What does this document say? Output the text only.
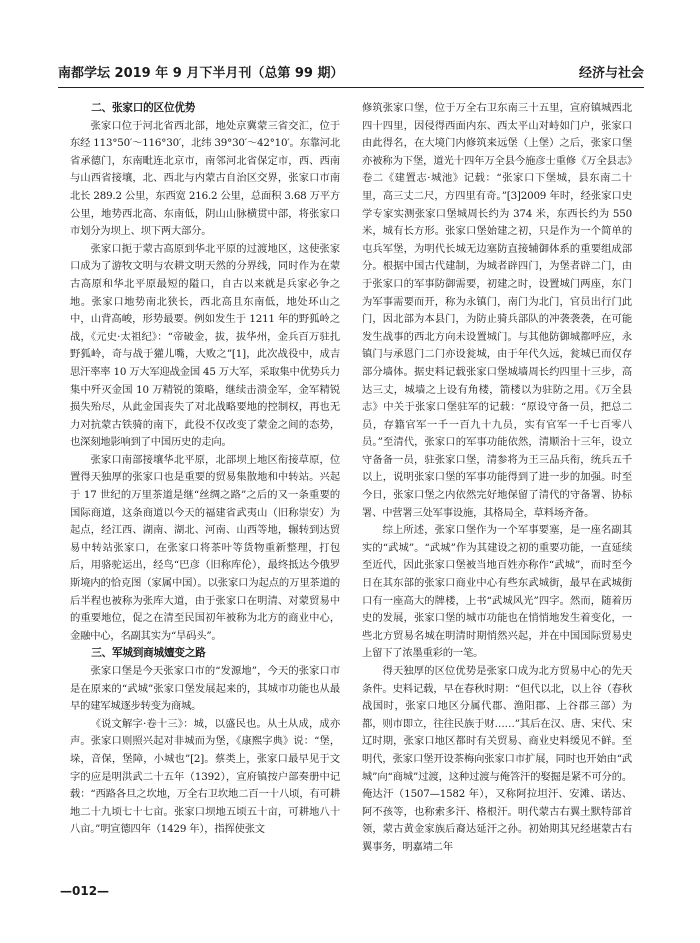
南都学坛 2019 年 9 月下半月刊（总第 99 期）	经济与社会
二、张家口的区位优势

张家口位于河北省西北部，地处京冀蒙三省交汇，位于东经 113°50′～116°30′，北纬 39°30′～42°10′。东靠河北省承德门，东南毗连北京市，南邻河北省保定市，西、西南与山西省接壤，北、西北与内蒙古自治区交界，张家口市南北长 289.2 公里，东西宽 216.2 公里，总面积 3.68 万平方公里，地势西北高、东南低，阴山山脉横贯中部，将张家口市划分为坝上、坝下两大部分。

张家口扼于蒙古高原到华北平原的过渡地区，这使张家口成为了游牧文明与农耕文明天然的分界线，同时作为在蒙古高原和华北平原最短的隘口，自古以来就是兵家必争之地。张家口地势南北狭长，西北高且东南低，地处环山之中，山背高峻，形势最要。例如发生于 1211 年的野狐岭之战，《元史·太祖纪》：“帝破金，拔，拔华州，金兵百万驻扎野狐岭，奇与战于獾儿嘴，大败之”[1]，此次战役中，成吉思汗率率 10 万大军迎战金国 45 万大军，采取集中优势兵力集中歼灭金国 10 万精锐的策略，继续击溃金军，金军精锐损失殆尽，从此金国丧失了对北战略要地的控制权，再也无力对抗蒙古铁骑的南下，此役不仅改变了蒙金之间的态势，也深刻地影响到了中国历史的走向。

张家口南部接壤华北平原，北部坝上地区衔接草原，位置得天独厚的张家口也是重要的贸易集散地和中转站。兴起于 17 世纪的万里茶道是继“丝绸之路”之后的又一条重要的国际商道，这条商道以今天的福建省武夷山（旧称崇安）为起点，经江西、湖南、湖北、河南、山西等地，辗转到达贸易中转站张家口，在张家口将茶叶等货物重新整理，打包后，用骆驼运出，经鸟“巴彦（旧称库伦），最终抵达今俄罗斯境内的恰克图（家属中国）。以张家口为起点的万里茶道的后半程也被称为张库大道，由于张家口在明清、对蒙贸易中的重要地位，促之在清至民国初年被称为北方的商业中心，金融中心，名副其实为“旱码头”。

三、军城到商城嬗变之路

张家口堡是今天张家口市的“发源地”，今天的张家口市是在原来的“武城”张家口堡发展起来的，其城市功能也从最早的建军城逐步转变为商城。

《说文解字·卷十三》：城，以盛民也。从土从成，成亦声。张家口则照兴起对非城而为堡，《康熙字典》说：“堡，垛，音保，堡障，小城也”[2]。蔡类上，张家口最早见于文字的应是明洪武二十五年（1392），宣府镇按户部奏册中记载：“西路各旦之坎地，万全右卫坎地二百一十八顷，有可耕地二十九顷七十七亩。张家口坝地五顷五十亩，可耕地八十八亩。”明宣德四年（1429 年），指挥使张文

修筑张家口堡，位于万全右卫东南三十五里，宣府镇城西北四十四里，因侵得西面内东、西太平山对峙如门户，张家口由此得名，在大境门内修筑来远堡（上堡）之后，张家口堡亦被称为下堡，道光十四年万全县今施彦士重修《万全县志》卷二《建置志·城池》记载：“张家口下堡城，县东南二十里，高三丈二尺，方四里有奇。”[3]2009 年时，经张家口史学专家实测张家口堡城周长约为 374 米，东西长约为 550 米，城有长方形。张家口堡始建之初，只是作为一个简单的屯兵军堡，为明代长城无边塞防直接辅御体系的重要组成部分。根据中国古代建制，为城者辟四门，为堡者辟二门，由于张家口的军事防御需要，初建之时，设置城门两座，东门为军事需要而开，称为永镇门，南门为北门，官员出行门此门，因北部为本县门，为防止骑兵部队的冲袭袭袭，在可能发生战事的西北方向未设置城门。与其他防御城都呼应，永镇门与承恩门二门亦设瓮城，由于年代久远，瓮城已而仅存部分墙体。据史料记载张家口堡城墙周长约四里十三步，高达三丈，城墙之上设有角楼，箭楼以为驻防之用。《万全县志》中关于张家口堡驻军的记载：“原设守备一员，把总二员，存籍官军一千一百九十九员，实有官军一千七百零八员。”至清代，张家口的军事功能依然，清顺治十三年，设立守备备一员，驻张家口堡，清参将为王三品兵衔，统兵五千以上，说明张家口堡的军事功能得到了进一步的加强。时至今日，张家口堡之内依然完好地保留了清代的守备署、协标署、中营署三处军事设施，其格局全，草料场齐备。

综上所述，张家口堡作为一个军事要塞，是一座名副其实的“武城”。“武城”作为其建设之初的重要功能，一直延续至近代，因此张家口堡被当地百姓亦称作“武城”，而时至今日在其东部的张家口商业中心有些东武城街，最早在武城街口有一座高大的牌楼，上书“武城风光”四字。然而，随着历史的发展，张家口堡的城市功能也在悄悄地发生着变化，一些北方贸易名城在明清时期悄然兴起，并在中国国际贸易史上留下了浓墨重彩的一笔。

得天独厚的区位优势是张家口成为北方贸易中心的先天条件。史料记载，早在春秋时期：“但代以北，以上谷（春秋战国时，张家口地区分属代郡、渔阳郡、上谷郡三部）为都，则市即立，往往民族于财……”其后在汉、唐、宋代、宋辽时期，张家口地区都时有关贸易、商业史料缓见不鲜。至明代，张家口堡开设茶梅向张家口市扩展，同时也开始由“武城”向“商城”过渡，这种过渡与俺答汗的娶掘是紧不可分的。俺达汗（1507—1582 年），又称阿拉坦汗、安滩、诺达、阿不孩等，也称索多汗、格根汗。明代蒙古右翼土默特部首领，蒙古黄金家族后裔达延汗之孙。初始期其兄经堪蒙古右翼事务，明嘉靖二年

—012—
